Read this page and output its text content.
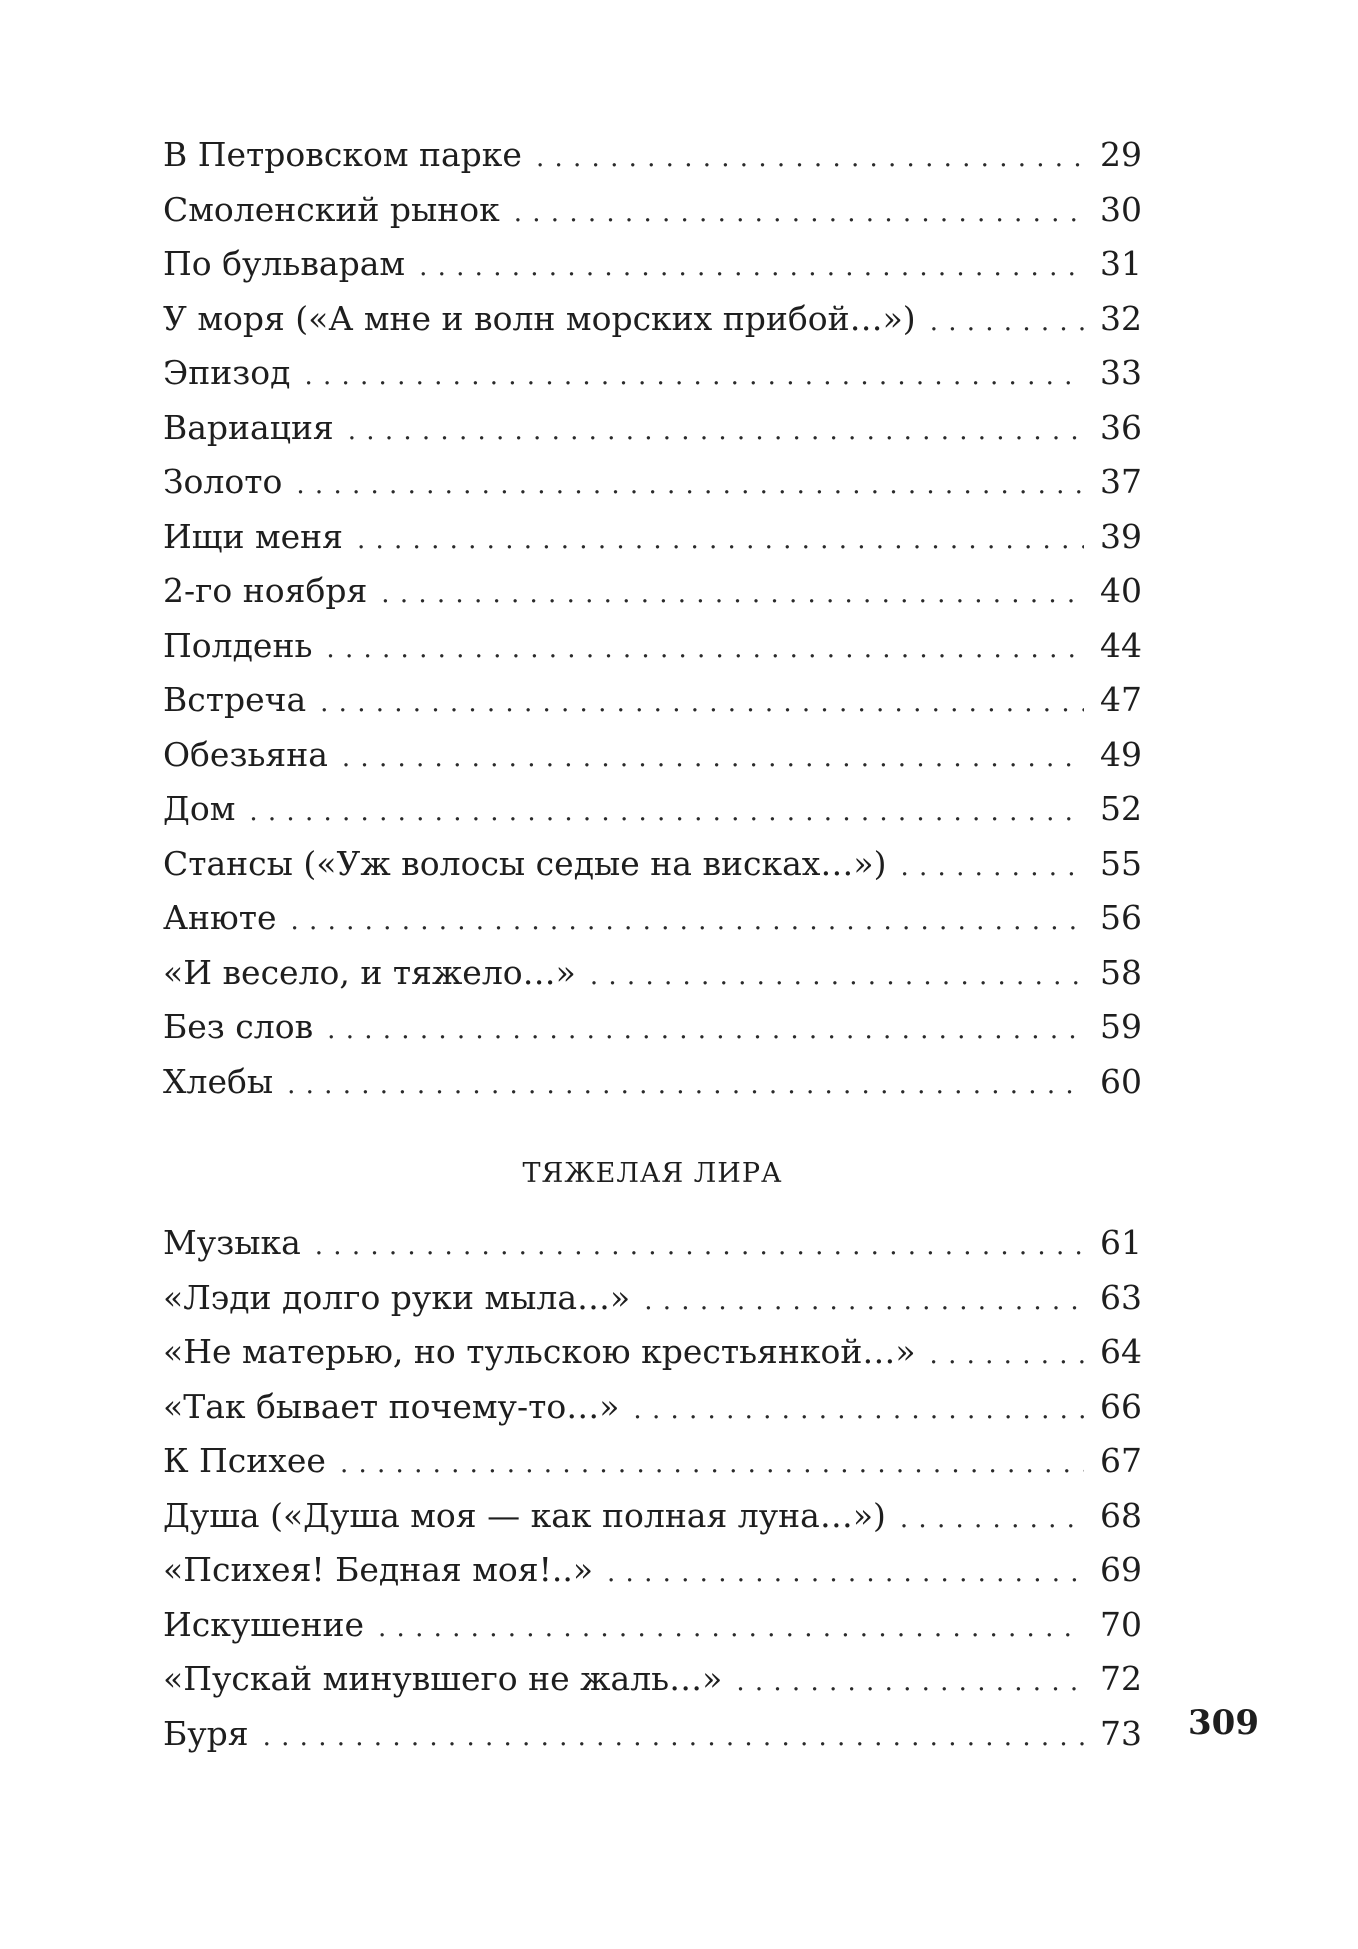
В Петровском парке . . .	29
Смоленский рынок . . .	30
По бульварам . . .	31
У моря («А мне и волн морских прибой…») . . .	32
Эпизод . . .	33
Вариация . . .	36
Золото . . .	37
Ищи меня . . .	39
2-го ноября . . .	40
Полдень . . .	44
Встреча . . .	47
Обезьяна . . .	49
Дом . . .	52
Стансы («Уж волосы седые на висках…») . . .	55
Анюте . . .	56
«И весело, и тяжело…» . . .	58
Без слов . . .	59
Хлебы . . .	60
ТЯЖЕЛАЯ ЛИРА
Музыка . . .	61
«Лэди долго руки мыла…» . . .	63
«Не матерью, но тульскою крестьянкой…» . . .	64
«Так бывает почему-то…» . . .	66
К Психее . . .	67
Душа («Душа моя — как полная луна…») . . .	68
«Психея! Бедная моя!..» . . .	69
Искушение . . .	70
«Пускай минувшего не жаль…» . . .	72
Буря . . .	73 309
